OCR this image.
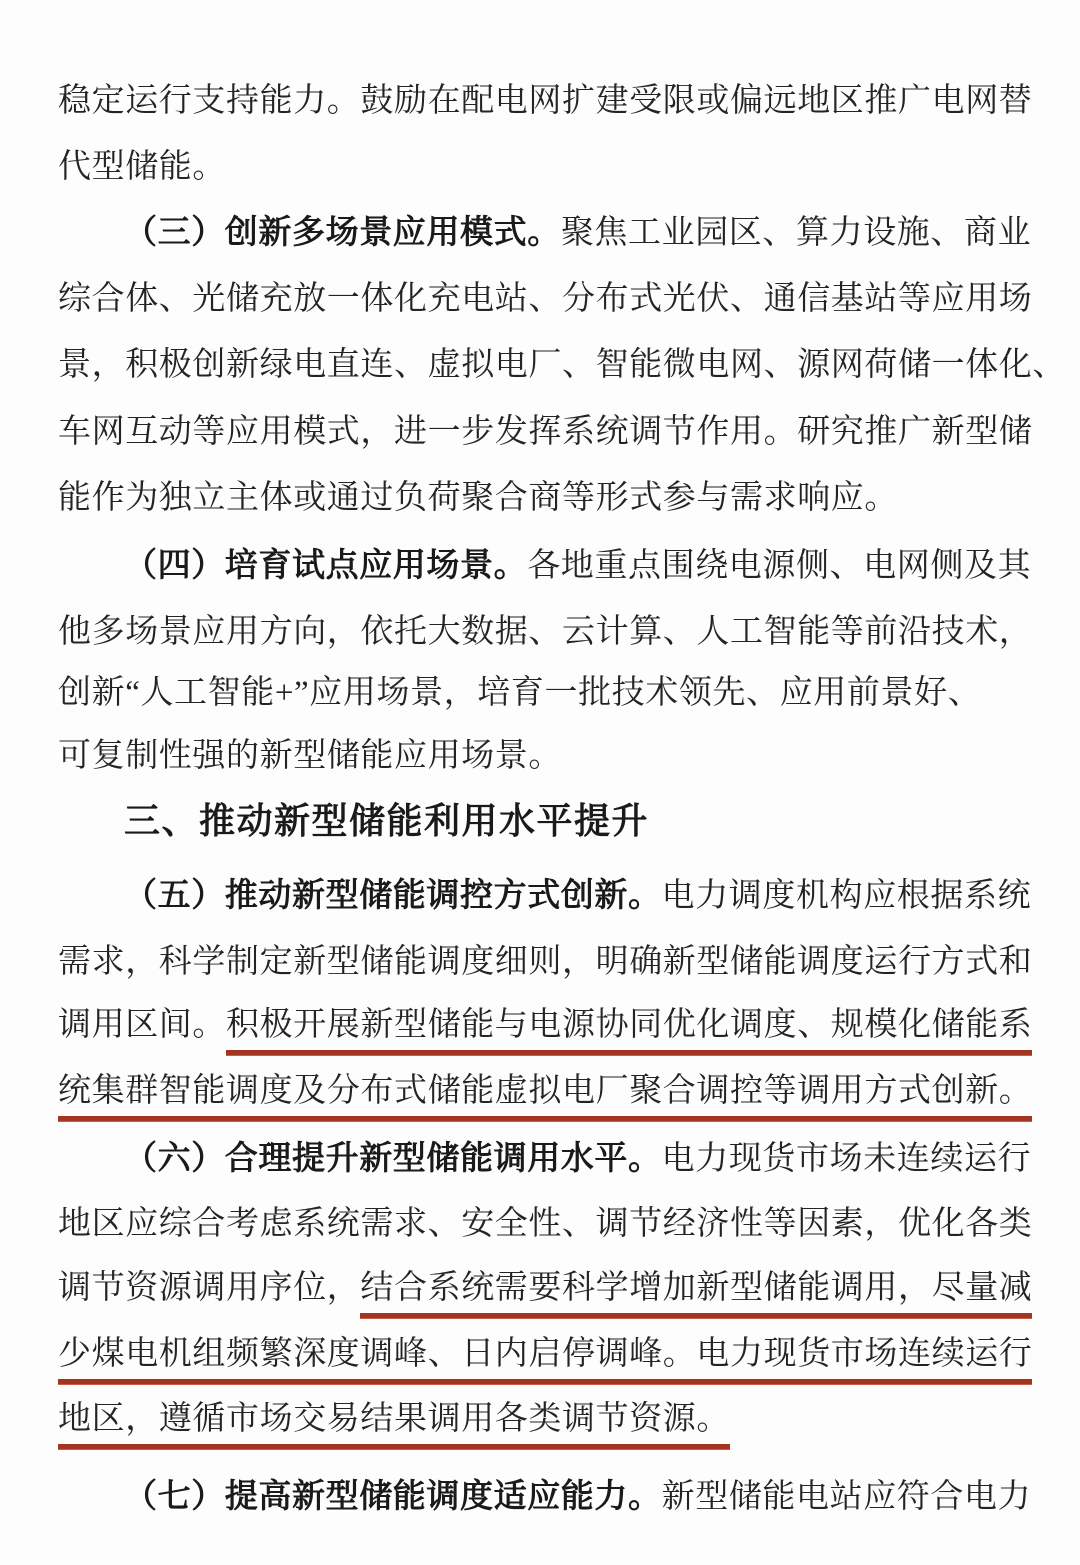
稳定运行支持能力。鼓励在配电网扩建受限或偏远地区推广电网替
代型储能。
（三）创新多场景应用模式。聚焦工业园区、算力设施、商业
综合体、光储充放一体化充电站、分布式光伏、通信基站等应用场
景，积极创新绿电直连、虚拟电厂、智能微电网、源网荷储一体化、
车网互动等应用模式，进一步发挥系统调节作用。研究推广新型储
能作为独立主体或通过负荷聚合商等形式参与需求响应。
（四）培育试点应用场景。各地重点围绕电源侧、电网侧及其
他多场景应用方向，依托大数据、云计算、人工智能等前沿技术，
创新“人工智能+”应用场景，培育一批技术领先、应用前景好、
可复制性强的新型储能应用场景。
三、推动新型储能利用水平提升
（五）推动新型储能调控方式创新。电力调度机构应根据系统
需求，科学制定新型储能调度细则，明确新型储能调度运行方式和
调用区间。积极开展新型储能与电源协同优化调度、规模化储能系
统集群智能调度及分布式储能虚拟电厂聚合调控等调用方式创新。
（六）合理提升新型储能调用水平。电力现货市场未连续运行
地区应综合考虑系统需求、安全性、调节经济性等因素，优化各类
调节资源调用序位，结合系统需要科学增加新型储能调用，尽量减
少煤电机组频繁深度调峰、日内启停调峰。电力现货市场连续运行
地区，遵循市场交易结果调用各类调节资源。
（七）提高新型储能调度适应能力。新型储能电站应符合电力
